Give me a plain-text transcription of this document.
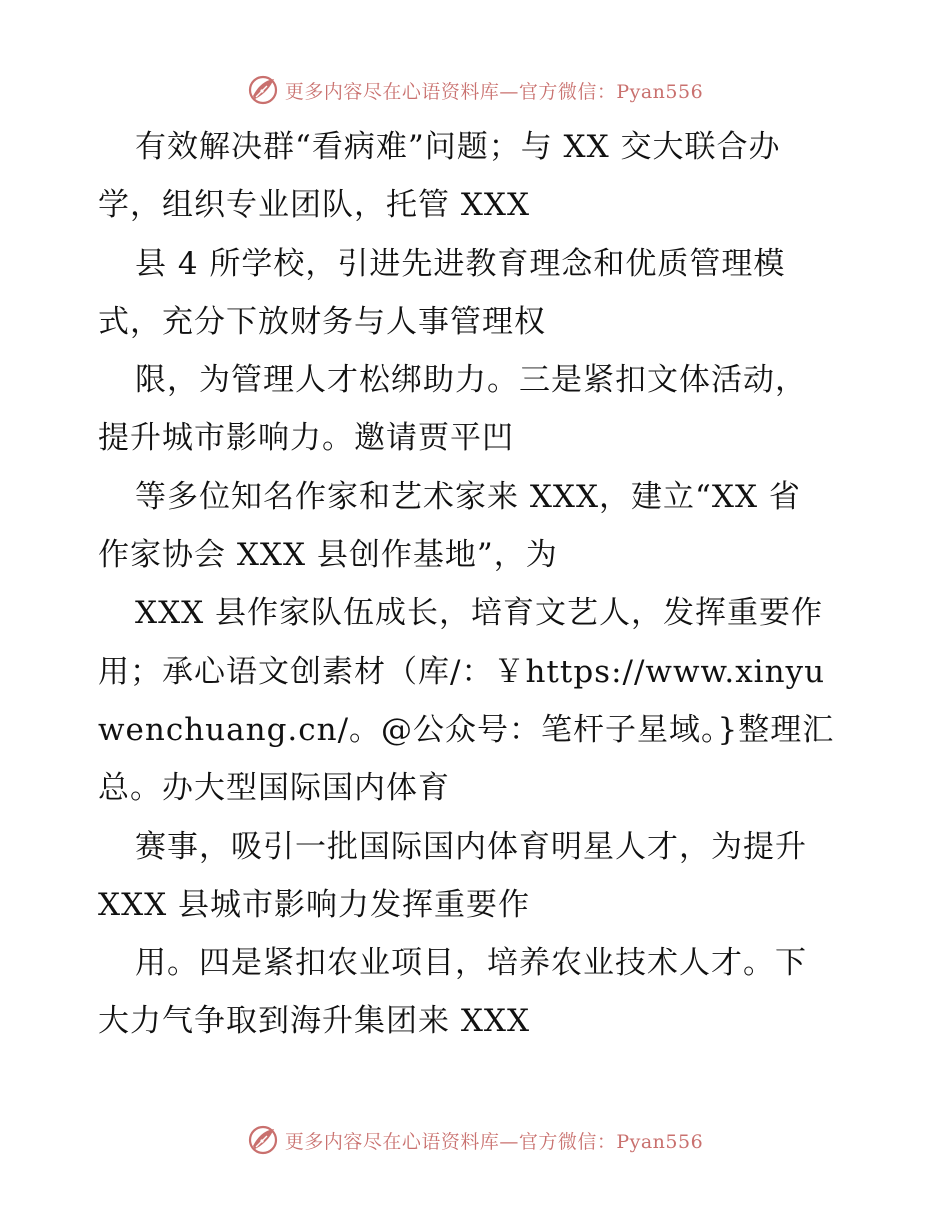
更多内容尽在心语资料库—官方微信：Pyan556
有效解决群“看病难”问题；与 XX 交大联合办
学，组织专业团队，托管 XXX
县 4 所学校，引进先进教育理念和优质管理模
式，充分下放财务与人事管理权
限，为管理人才松绑助力。三是紧扣文体活动，
提升城市影响力。邀请贾平凹
等多位知名作家和艺术家来 XXX，建立“XX 省
作家协会 XXX 县创作基地”，为
XXX 县作家队伍成长，培育文艺人，发挥重要作
用；承心语文创素材（库/：￥https://www.xinyu
wenchuang.cn/。@公众号：笔杆子星域。}整理汇
总。办大型国际国内体育
赛事，吸引一批国际国内体育明星人才，为提升
XXX 县城市影响力发挥重要作
用。四是紧扣农业项目，培养农业技术人才。下
大力气争取到海升集团来 XXX
更多内容尽在心语资料库—官方微信：Pyan556
